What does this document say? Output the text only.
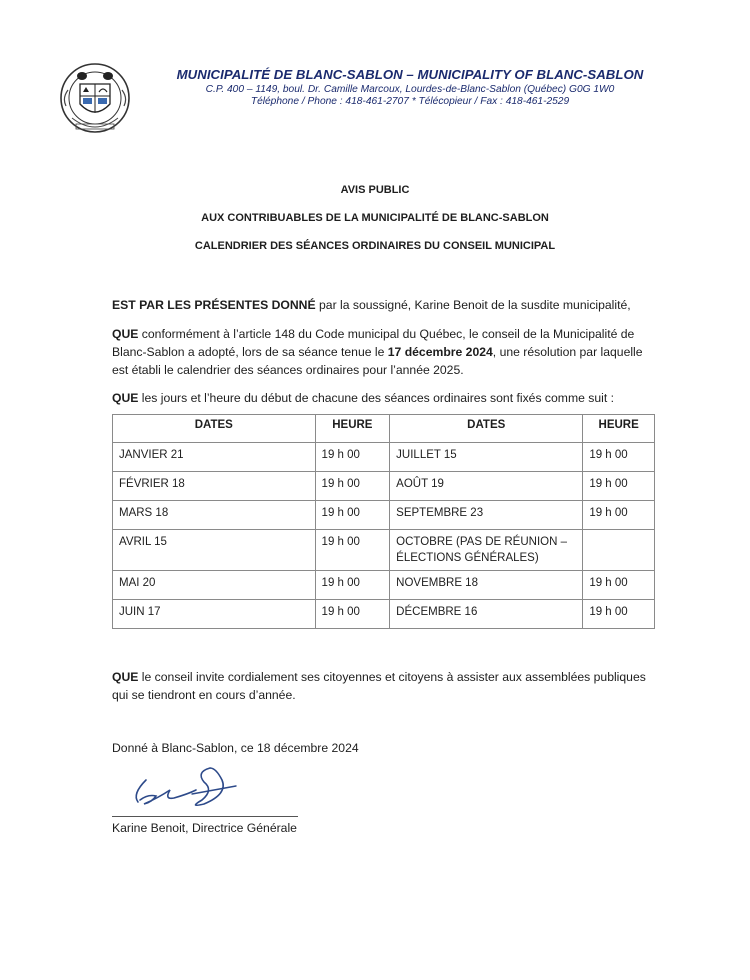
MUNICIPALITÉ DE BLANC-SABLON – MUNICIPALITY OF BLANC-SABLON
C.P. 400 – 1149, boul. Dr. Camille Marcoux, Lourdes-de-Blanc-Sablon (Québec) G0G 1W0
Téléphone / Phone : 418-461-2707 * Télécopieur / Fax : 418-461-2529
AVIS PUBLIC
AUX CONTRIBUABLES DE LA MUNICIPALITÉ DE BLANC-SABLON
CALENDRIER DES SÉANCES ORDINAIRES DU CONSEIL MUNICIPAL
EST PAR LES PRÉSENTES DONNÉ par la soussigné, Karine Benoit de la susdite municipalité,
QUE conformément à l’article 148 du Code municipal du Québec, le conseil de la Municipalité de Blanc-Sablon a adopté, lors de sa séance tenue le 17 décembre 2024, une résolution par laquelle est établi le calendrier des séances ordinaires pour l’année 2025.
QUE les jours et l’heure du début de chacune des séances ordinaires sont fixés comme suit :
DATES	HEURE	DATES	HEURE
JANVIER 21	19 h 00	JUILLET 15	19 h 00
FÉVRIER 18	19 h 00	AOÛT 19	19 h 00
MARS 18	19 h 00	SEPTEMBRE 23	19 h 00
AVRIL 15	19 h 00	OCTOBRE (PAS DE RÉUNION – ÉLECTIONS GÉNÉRALES)	
MAI 20	19 h 00	NOVEMBRE 18	19 h 00
JUIN 17	19 h 00	DÉCEMBRE 16	19 h 00
QUE le conseil invite cordialement ses citoyennes et citoyens à assister aux assemblées publiques qui se tiendront en cours d’année.
Donné à Blanc-Sablon, ce 18 décembre 2024
Karine Benoit, Directrice Générale
